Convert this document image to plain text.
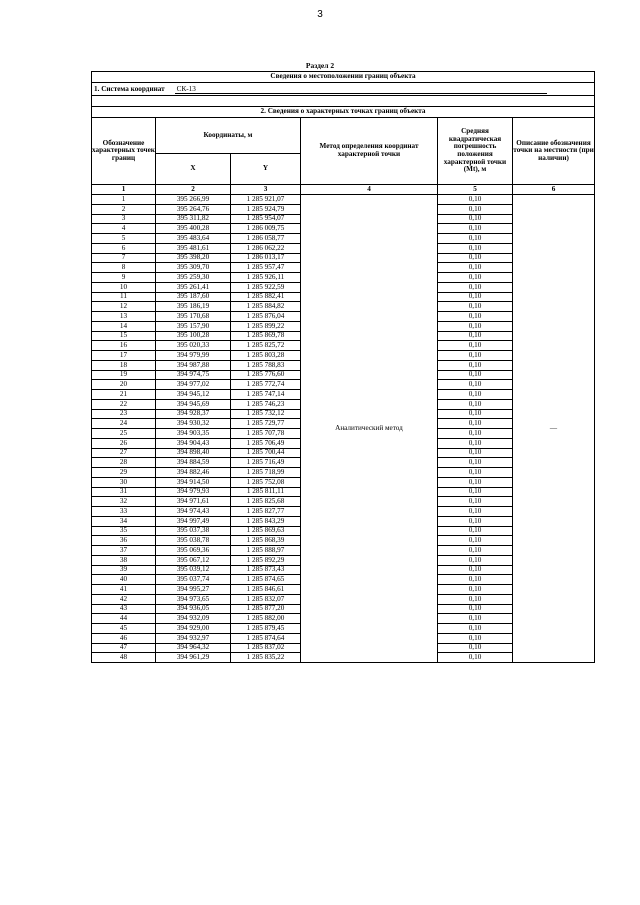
3
Раздел 2
Сведения о местоположении границ объекта					
1. Система координат СК-13					

2. Сведения о характерных точках границ объекта					
Обозначение характерных точек границ	Координаты, м		Метод определения координат характерной точки	Средняя квадратическая погрешность положения характерной точки (Mt), м	Описание обозначения точки на местности (при наличии)
	X	Y			
1	2	3	4	5	6
1	395 266,99	1 285 921,07	Аналитический метод	0,10	—
2	395 264,76	1 285 924,79		0,10	
3	395 311,82	1 285 954,07		0,10	
4	395 400,28	1 286 009,75		0,10	
5	395 483,64	1 286 058,77		0,10	
6	395 481,61	1 286 062,22		0,10	
7	395 398,20	1 286 013,17		0,10	
8	395 309,70	1 285 957,47		0,10	
9	395 259,30	1 285 926,11		0,10	
10	395 261,41	1 285 922,59		0,10	
11	395 187,60	1 285 882,41		0,10	
12	395 186,19	1 285 884,82		0,10	
13	395 170,68	1 285 876,04		0,10	
14	395 157,90	1 285 899,22		0,10	
15	395 100,28	1 285 869,78		0,10	
16	395 020,33	1 285 825,72		0,10	
17	394 979,99	1 285 803,28		0,10	
18	394 987,88	1 285 788,83		0,10	
19	394 974,75	1 285 776,60		0,10	
20	394 977,02	1 285 772,74		0,10	
21	394 945,12	1 285 747,14		0,10	
22	394 945,69	1 285 746,23		0,10	
23	394 928,37	1 285 732,12		0,10	
24	394 930,32	1 285 729,77		0,10	
25	394 903,35	1 285 707,78		0,10	
26	394 904,43	1 285 706,49		0,10	
27	394 898,40	1 285 700,44		0,10	
28	394 884,59	1 285 716,49		0,10	
29	394 882,46	1 285 718,99		0,10	
30	394 914,50	1 285 752,08		0,10	
31	394 979,93	1 285 811,11		0,10	
32	394 971,61	1 285 825,68		0,10	
33	394 974,43	1 285 827,77		0,10	
34	394 997,49	1 285 843,29		0,10	
35	395 037,38	1 285 869,63		0,10	
36	395 038,78	1 285 868,39		0,10	
37	395 069,36	1 285 888,97		0,10	
38	395 067,12	1 285 892,29		0,10	
39	395 039,12	1 285 873,43		0,10	
40	395 037,74	1 285 874,65		0,10	
41	394 995,27	1 285 846,61		0,10	
42	394 973,65	1 285 832,07		0,10	
43	394 936,05	1 285 877,20		0,10	
44	394 932,09	1 285 882,00		0,10	
45	394 929,00	1 285 879,45		0,10	
46	394 932,97	1 285 874,64		0,10	
47	394 964,32	1 285 837,02		0,10	
48	394 961,29	1 285 835,22		0,10	
